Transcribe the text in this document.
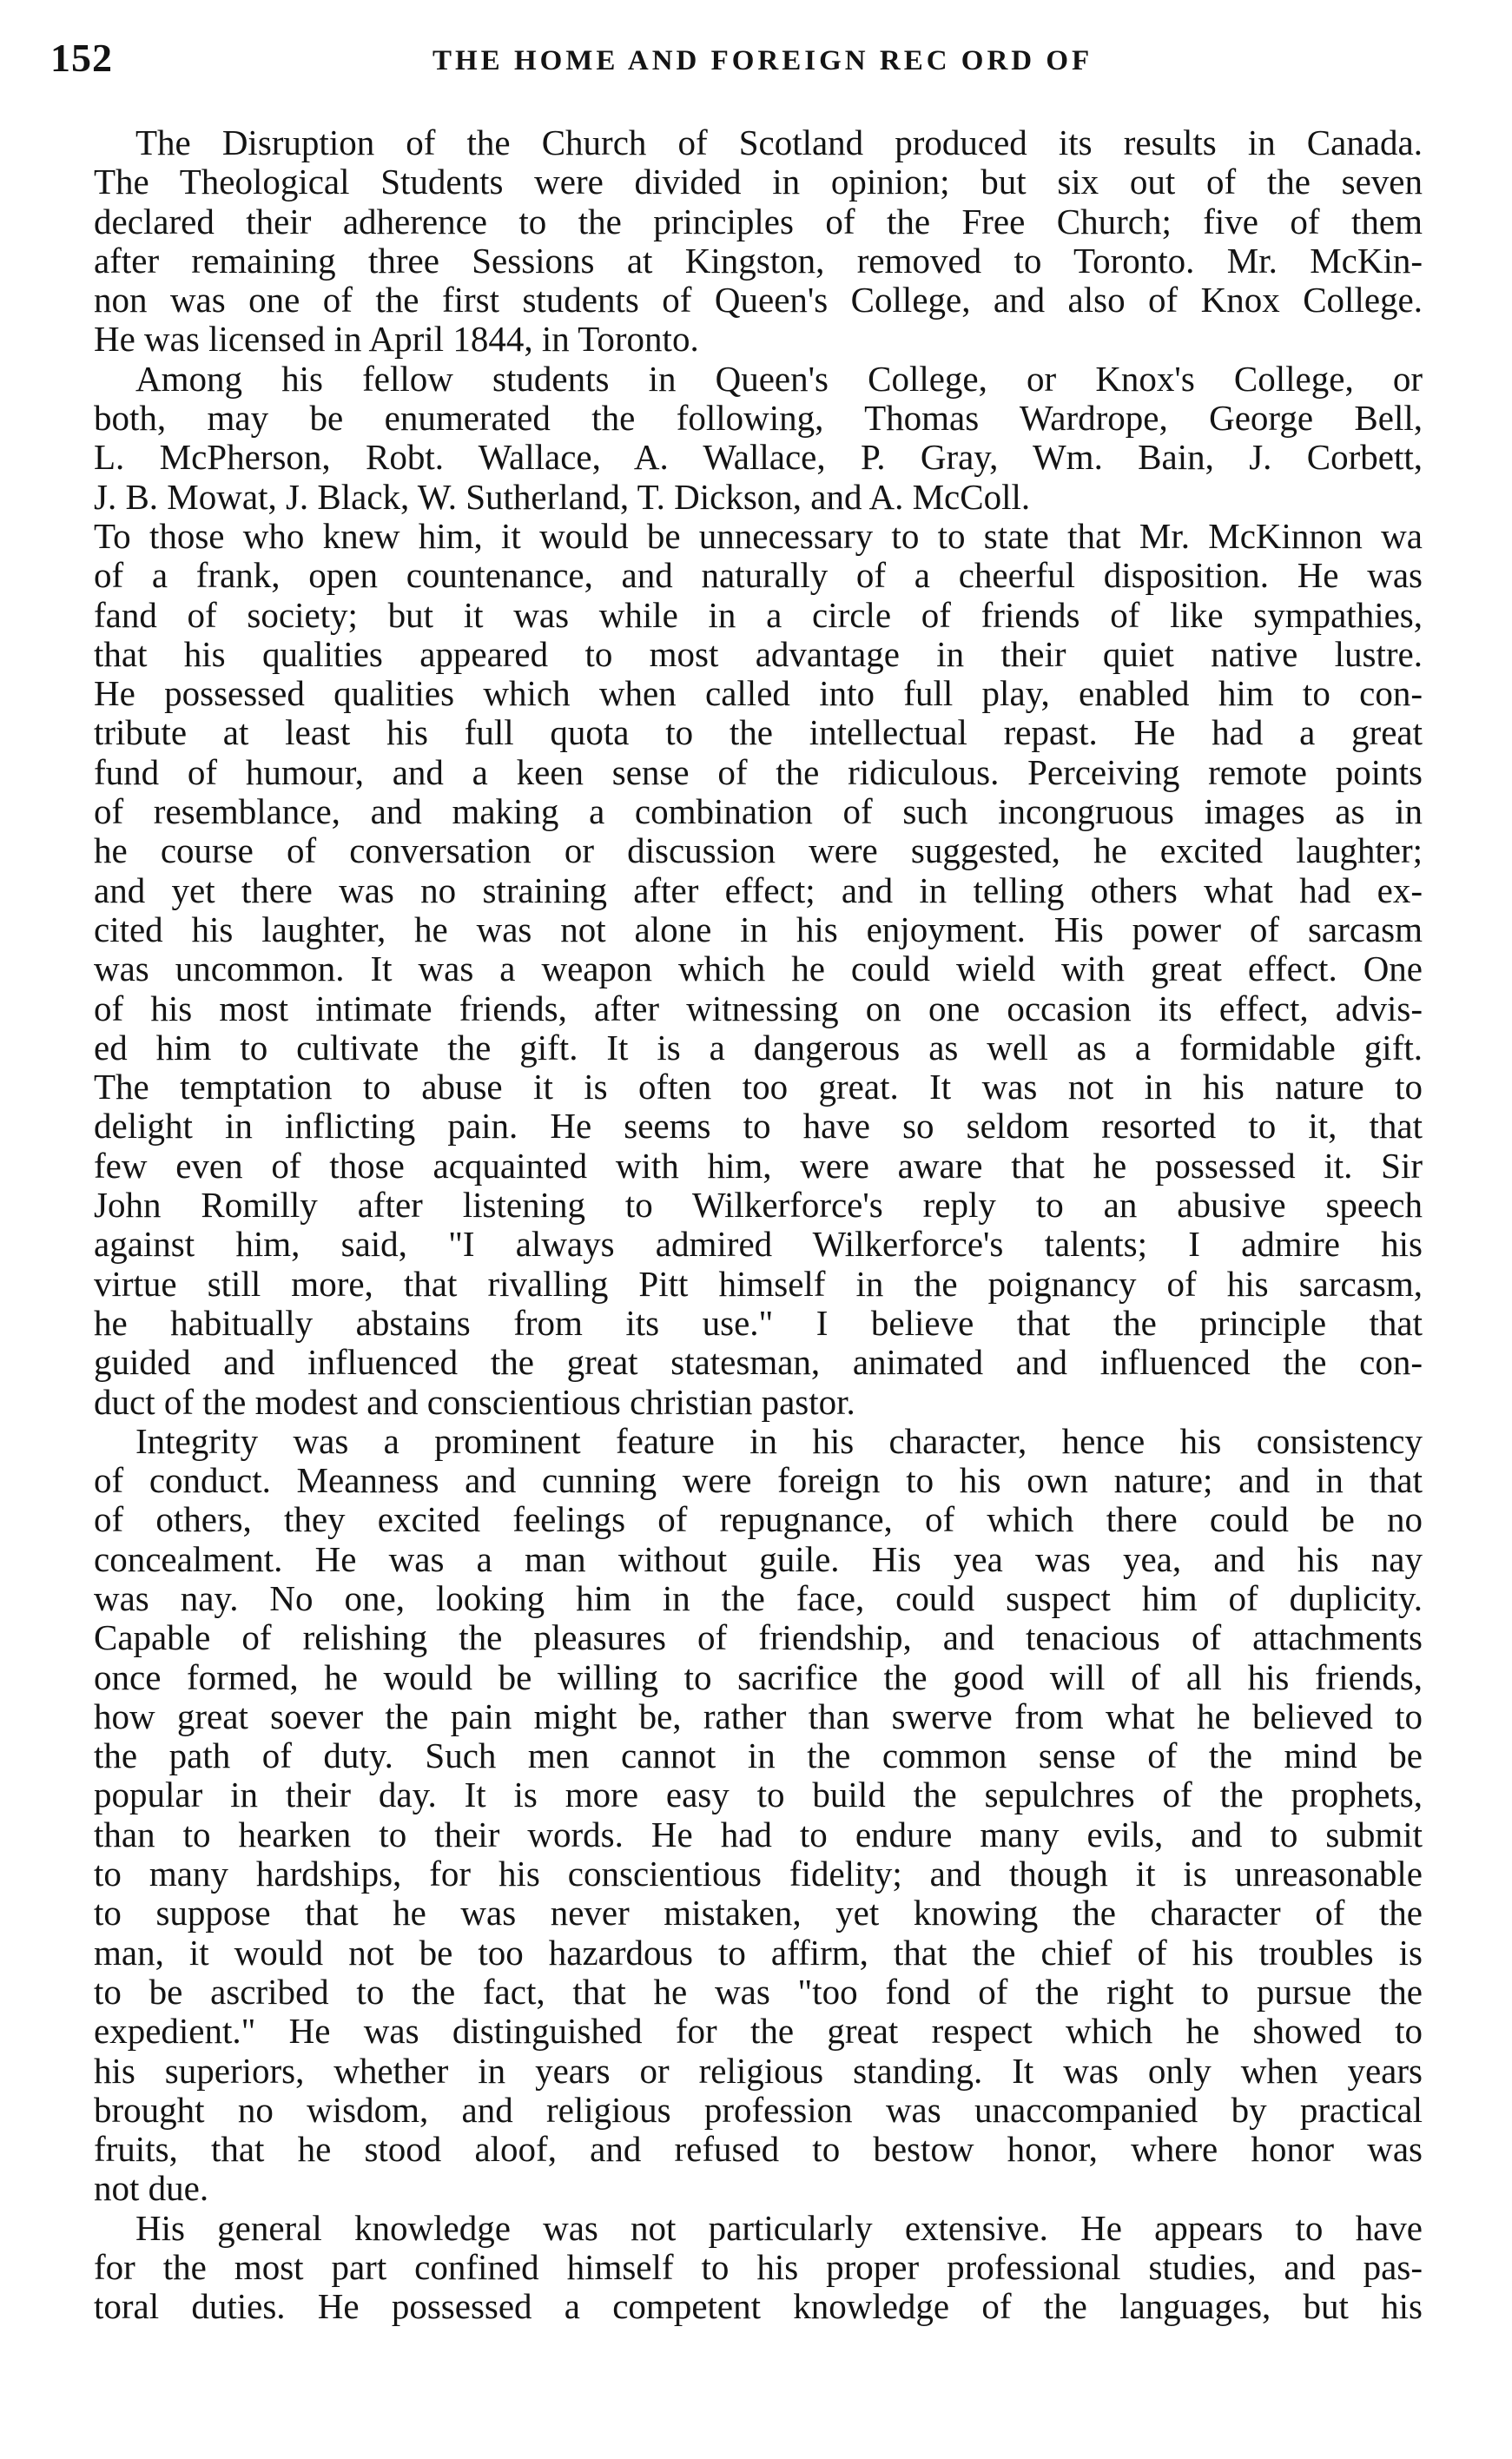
152	THE HOME AND FOREIGN REC ORD OF
The Disruption of the Church of Scotland produced its results in Canada.
The Theological Students were divided in opinion; but six out of the seven
declared their adherence to the principles of the Free Church; five of them
after remaining three Sessions at Kingston, removed to Toronto. Mr. McKin-
non was one of the first students of Queen's College, and also of Knox College.
He was licensed in April 1844, in Toronto.
Among his fellow students in Queen's College, or Knox's College, or
both, may be enumerated the following, Thomas Wardrope, George Bell,
L. McPherson, Robt. Wallace, A. Wallace, P. Gray, Wm. Bain, J. Corbett,
J. B. Mowat, J. Black, W. Sutherland, T. Dickson, and A. McColl.
To those who knew him, it would be unnecessary to to state that Mr. McKinnon wa
of a frank, open countenance, and naturally of a cheerful disposition. He was
fand of society; but it was while in a circle of friends of like sympathies,
that his qualities appeared to most advantage in their quiet native lustre.
He possessed qualities which when called into full play, enabled him to con-
tribute at least his full quota to the intellectual repast. He had a great
fund of humour, and a keen sense of the ridiculous. Perceiving remote points
of resemblance, and making a combination of such incongruous images as in
he course of conversation or discussion were suggested, he excited laughter;
and yet there was no straining after effect; and in telling others what had ex-
cited his laughter, he was not alone in his enjoyment. His power of sarcasm
was uncommon. It was a weapon which he could wield with great effect. One
of his most intimate friends, after witnessing on one occasion its effect, advis-
ed him to cultivate the gift. It is a dangerous as well as a formidable gift.
The temptation to abuse it is often too great. It was not in his nature to
delight in inflicting pain. He seems to have so seldom resorted to it, that
few even of those acquainted with him, were aware that he possessed it. Sir
John Romilly after listening to Wilkerforce's reply to an abusive speech
against him, said, "I always admired Wilkerforce's talents; I admire his
virtue still more, that rivalling Pitt himself in the poignancy of his sarcasm,
he habitually abstains from its use." I believe that the principle that
guided and influenced the great statesman, animated and influenced the con-
duct of the modest and conscientious christian pastor.
Integrity was a prominent feature in his character, hence his consistency
of conduct. Meanness and cunning were foreign to his own nature; and in that
of others, they excited feelings of repugnance, of which there could be no
concealment. He was a man without guile. His yea was yea, and his nay
was nay. No one, looking him in the face, could suspect him of duplicity.
Capable of relishing the pleasures of friendship, and tenacious of attachments
once formed, he would be willing to sacrifice the good will of all his friends,
how great soever the pain might be, rather than swerve from what he believed to
the path of duty. Such men cannot in the common sense of the mind be
popular in their day. It is more easy to build the sepulchres of the prophets,
than to hearken to their words. He had to endure many evils, and to submit
to many hardships, for his conscientious fidelity; and though it is unreasonable
to suppose that he was never mistaken, yet knowing the character of the
man, it would not be too hazardous to affirm, that the chief of his troubles is
to be ascribed to the fact, that he was "too fond of the right to pursue the
expedient." He was distinguished for the great respect which he showed to
his superiors, whether in years or religious standing. It was only when years
brought no wisdom, and religious profession was unaccompanied by practical
fruits, that he stood aloof, and refused to bestow honor, where honor was
not due.
His general knowledge was not particularly extensive. He appears to have
for the most part confined himself to his proper professional studies, and pas-
toral duties. He possessed a competent knowledge of the languages, but his
